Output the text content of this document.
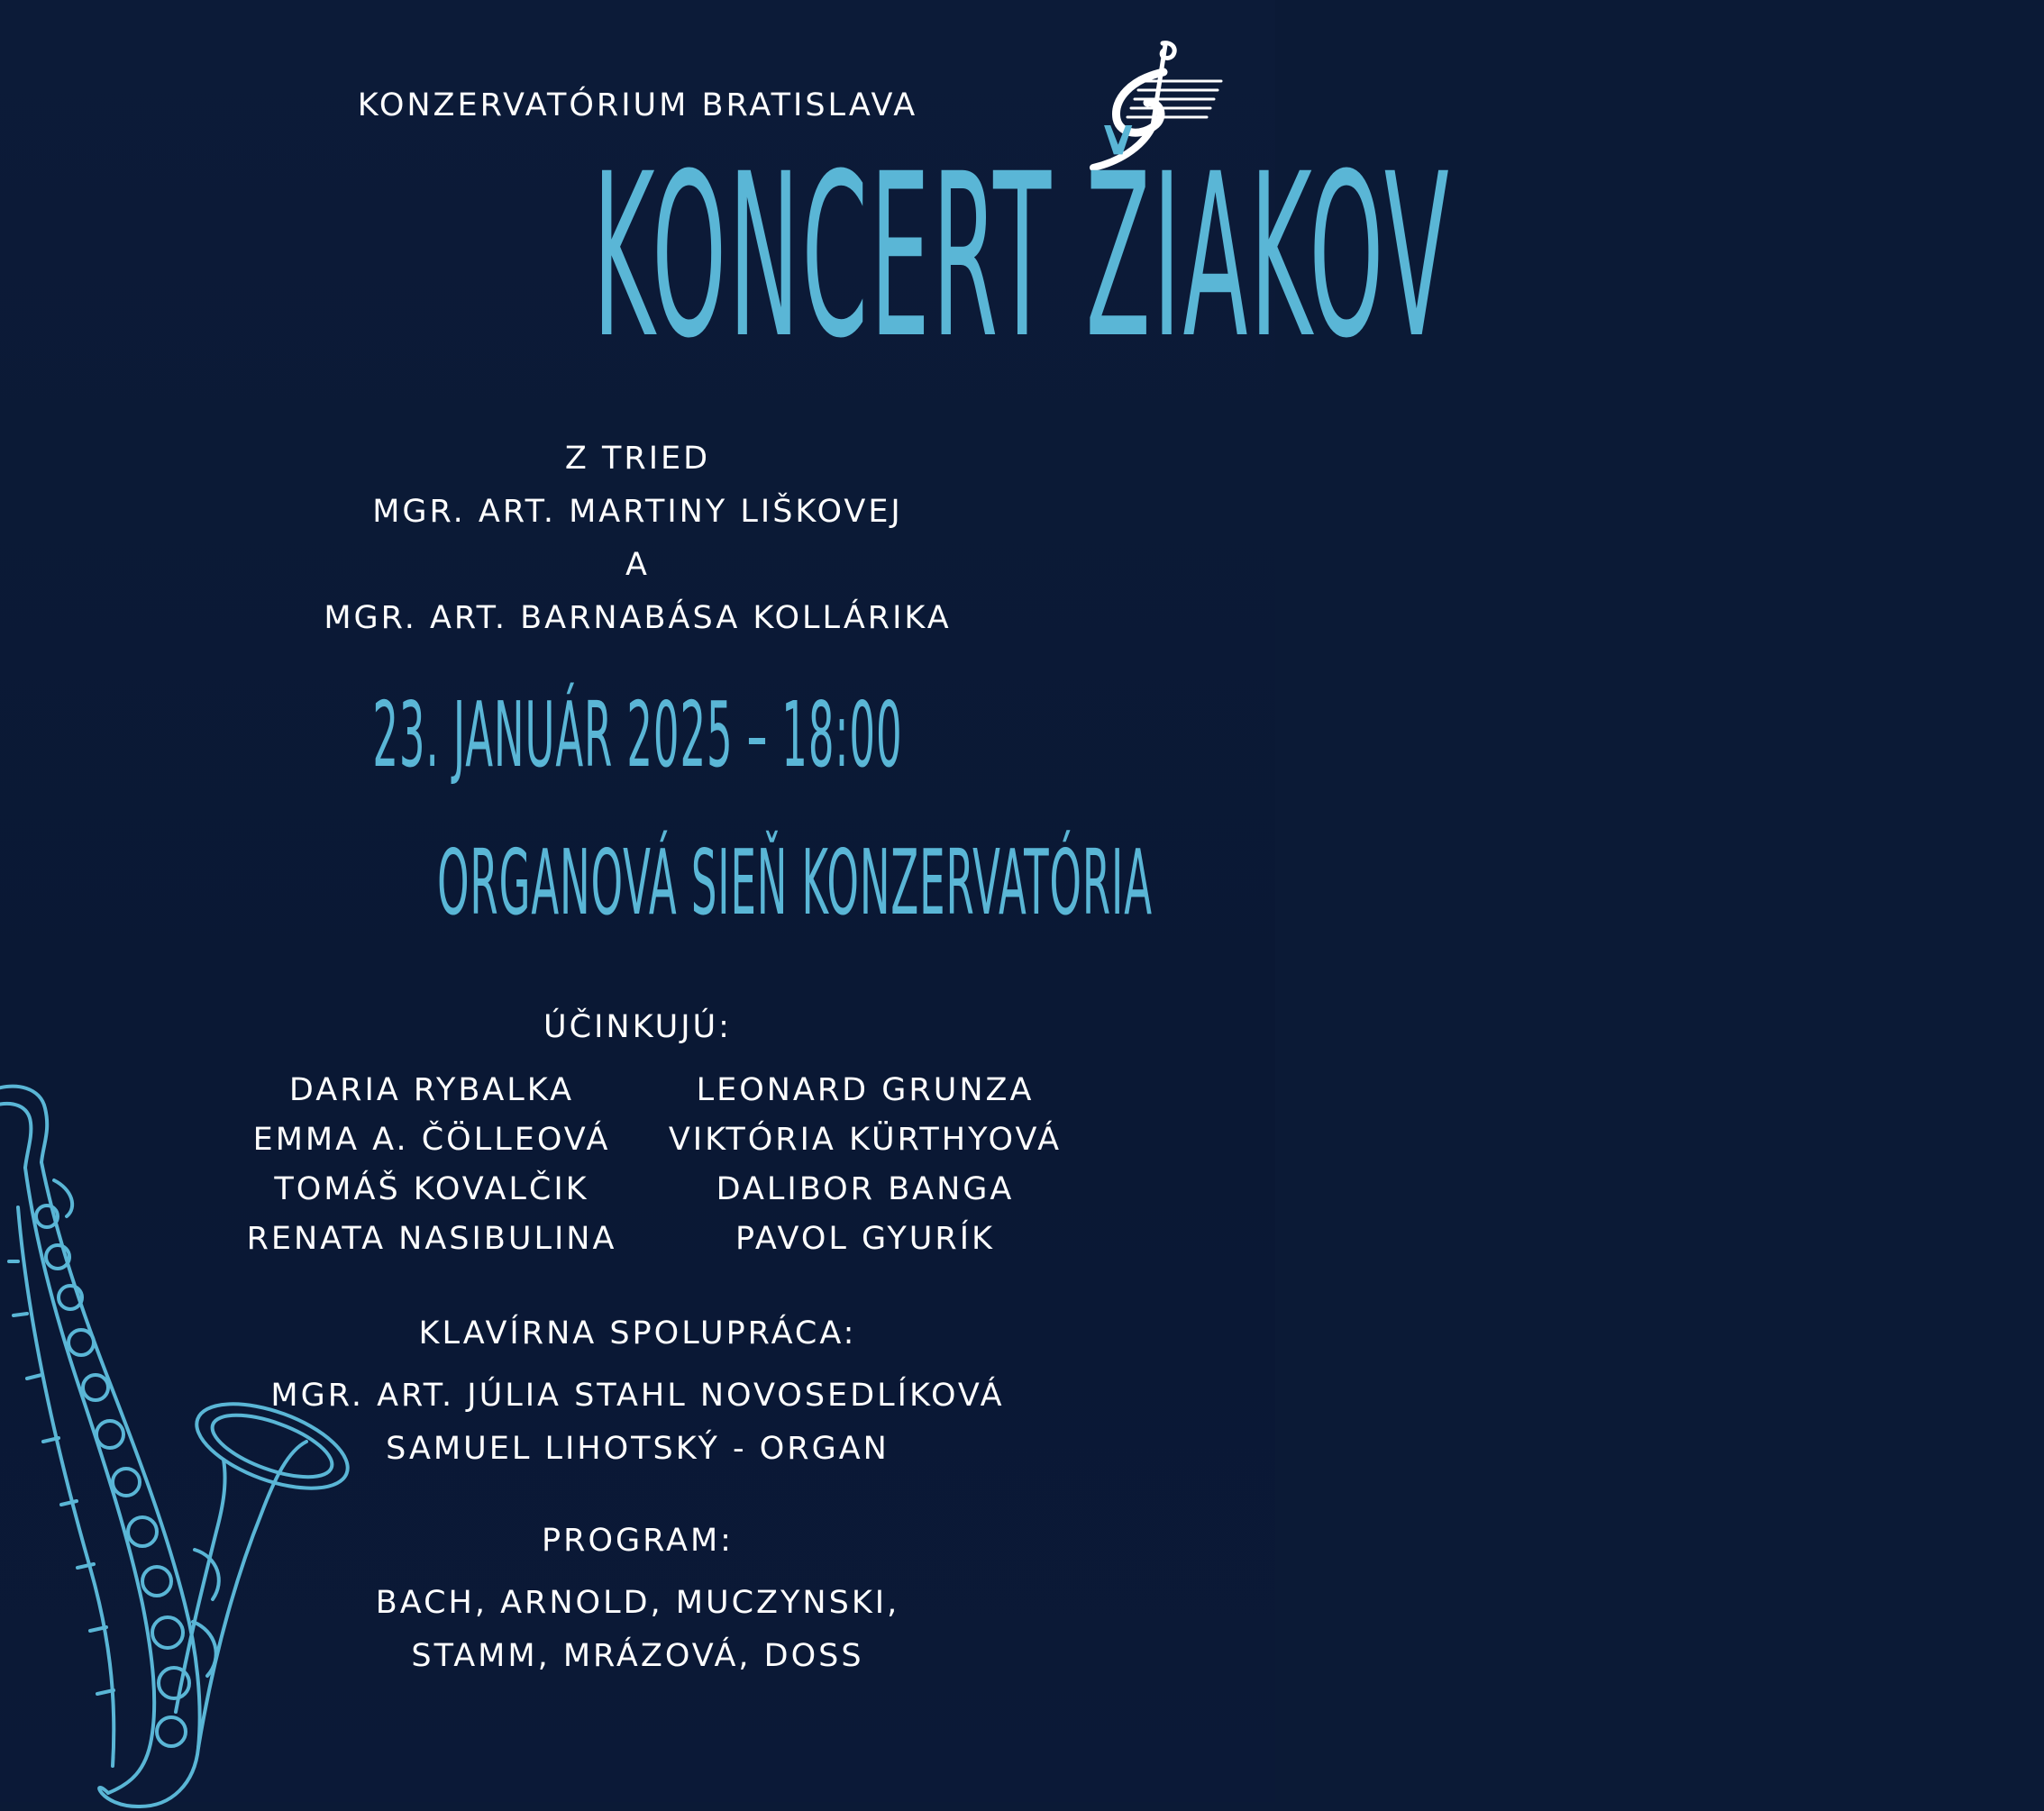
KONZERVATÓRIUM BRATISLAVA
KONCERT ŽIAKOV
Z TRIED
MGR. ART. MARTINY LIŠKOVEJ
A
MGR. ART. BARNABÁSA KOLLÁRIKA
23. JANUÁR 2025 – 18:00
ORGANOVÁ SIEŇ KONZERVATÓRIA
ÚČINKUJÚ:
DARIA RYBALKA	LEONARD GRUNZA
EMMA A. ČÖLLEOVÁ	VIKTÓRIA KÜRTHYOVÁ
TOMÁŠ KOVALČIK	DALIBOR BANGA
RENATA NASIBULINA	PAVOL GYURÍK
KLAVÍRNA SPOLUPRÁCA:
MGR. ART. JÚLIA STAHL NOVOSEDLÍKOVÁ
SAMUEL LIHOTSKÝ - ORGAN
PROGRAM:
BACH, ARNOLD, MUCZYNSKI,
STAMM, MRÁZOVÁ, DOSS
